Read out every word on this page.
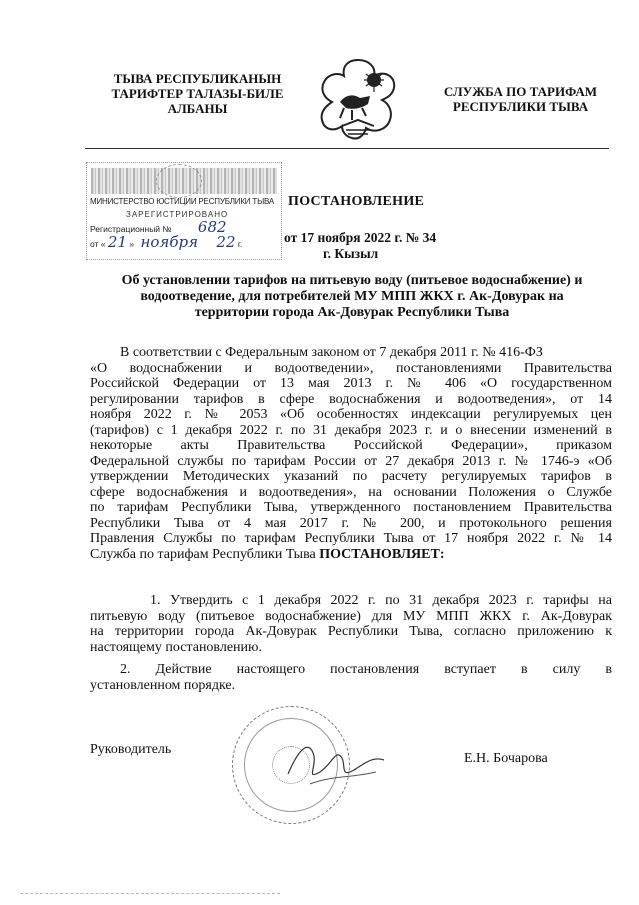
ТЫВА РЕСПУБЛИКАНЫН
ТАРИФТЕР ТАЛАЗЫ-БИЛЕ
АЛБАНЫ
СЛУЖБА ПО ТАРИФАМ
РЕСПУБЛИКИ ТЫВА
МИНИСТЕРСТВО ЮСТИЦИИ РЕСПУБЛИКИ ТЫВА
ЗАРЕГИСТРИРОВАНО
Регистрационный № 682
от « 21 » ноября 22 г.
ПОСТАНОВЛЕНИЕ
от 17 ноября 2022 г. № 34
г. Кызыл
Об установлении тарифов на питьевую воду (питьевое водоснабжение) и
водоотведение, для потребителей МУ МПП ЖКХ г. Ак-Довурак на
территории города Ак-Довурак Республики Тыва
В соответствии с Федеральным законом от 7 декабря 2011 г. № 416-ФЗ
«О водоснабжении и водоотведении», постановлениями Правительства
Российской Федерации от 13 мая 2013 г. № 406 «О государственном
регулировании тарифов в сфере водоснабжения и водоотведения», от 14
ноября 2022 г. № 2053 «Об особенностях индексации регулируемых цен
(тарифов) с 1 декабря 2022 г. по 31 декабря 2023 г. и о внесении изменений в
некоторые акты Правительства Российской Федерации», приказом
Федеральной службы по тарифам России от 27 декабря 2013 г. № 1746-э «Об
утверждении Методических указаний по расчету регулируемых тарифов в
сфере водоснабжения и водоотведения», на основании Положения о Службе
по тарифам Республики Тыва, утвержденного постановлением Правительства
Республики Тыва от 4 мая 2017 г. № 200, и протокольного решения
Правления Службы по тарифам Республики Тыва от 17 ноября 2022 г. № 14
Служба по тарифам Республики Тыва ПОСТАНОВЛЯЕТ:
1. Утвердить с 1 декабря 2022 г. по 31 декабря 2023 г. тарифы на
питьевую воду (питьевое водоснабжение) для МУ МПП ЖКХ г. Ак-Довурак
на территории города Ак-Довурак Республики Тыва, согласно приложению к
настоящему постановлению.
2. Действие настоящего постановления вступает в силу в
установленном порядке.
Руководитель
Е.Н. Бочарова
